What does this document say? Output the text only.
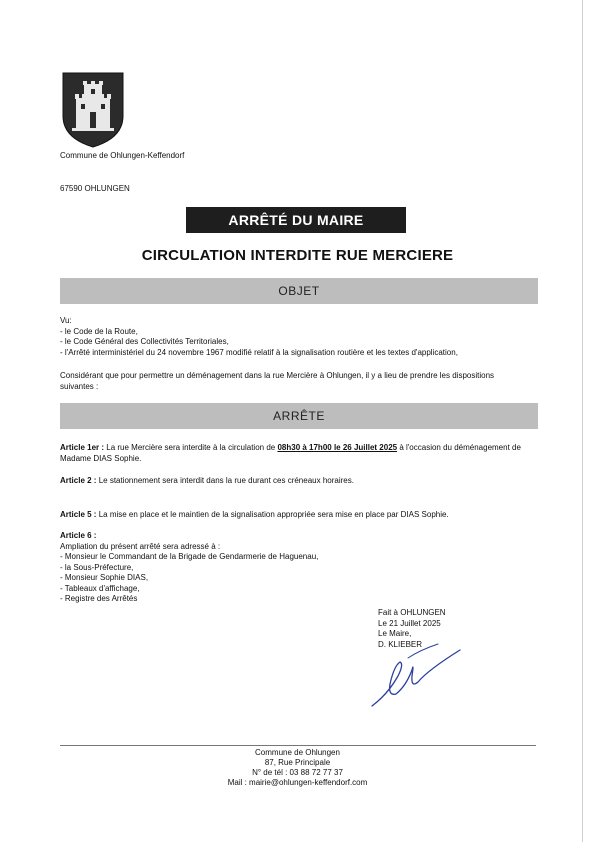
Commune de Ohlungen-Keffendorf
67590 OHLUNGEN
ARRÊTÉ DU MAIRE
CIRCULATION INTERDITE RUE MERCIERE
OBJET
Vu:
- le Code de la Route,
- le Code Général des Collectivités Territoriales,
- l'Arrêté interministériel du 24 novembre 1967 modifié relatif à la signalisation routière et les textes d'application,
Considérant que pour permettre un déménagement dans la rue Mercière à Ohlungen, il y a lieu de prendre les dispositions suivantes :
ARRÊTE
Article 1er : La rue Mercière sera interdite à la circulation de 08h30 à 17h00 le 26 Juillet 2025 à l'occasion du déménagement de Madame DIAS Sophie.
Article 2 : Le stationnement sera interdit dans la rue durant ces créneaux horaires.
Article 5 : La mise en place et le maintien de la signalisation appropriée sera mise en place par DIAS Sophie.
Article 6 :
Ampliation du présent arrêté sera adressé à :
- Monsieur le Commandant de la Brigade de Gendarmerie de Haguenau,
- la Sous-Préfecture,
- Monsieur Sophie DIAS,
- Tableaux d'affichage,
- Registre des Arrêtés
Fait à OHLUNGEN
Le 21 Juillet 2025
Le Maire,
D. KLIEBER
Commune de Ohlungen
87, Rue Principale
N° de tél : 03 88 72 77 37
Mail : mairie@ohlungen-keffendorf.com
